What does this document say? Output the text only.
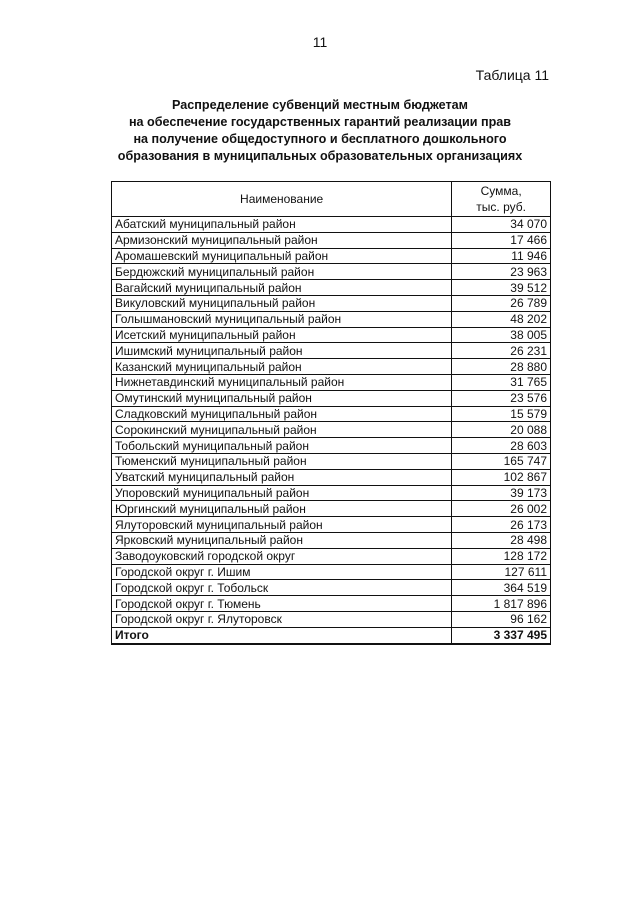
11
Таблица 11
Распределение субвенций местным бюджетам
на обеспечение государственных гарантий реализации прав
на получение общедоступного и бесплатного дошкольного
образования в муниципальных образовательных организациях
Наименование	Сумма,
тыс. руб.
Абатский муниципальный район	34 070
Армизонский муниципальный район	17 466
Аромашевский муниципальный район	11 946
Бердюжский муниципальный район	23 963
Вагайский муниципальный район	39 512
Викуловский муниципальный район	26 789
Голышмановский муниципальный район	48 202
Исетский муниципальный район	38 005
Ишимский муниципальный район	26 231
Казанский муниципальный район	28 880
Нижнетавдинский муниципальный район	31 765
Омутинский муниципальный район	23 576
Сладковский муниципальный район	15 579
Сорокинский муниципальный район	20 088
Тобольский муниципальный район	28 603
Тюменский муниципальный район	165 747
Уватский муниципальный район	102 867
Упоровский муниципальный район	39 173
Юргинский муниципальный район	26 002
Ялуторовский муниципальный район	26 173
Ярковский муниципальный район	28 498
Заводоуковский городской округ	128 172
Городской округ г. Ишим	127 611
Городской округ г. Тобольск	364 519
Городской округ г. Тюмень	1 817 896
Городской округ г. Ялуторовск	96 162
Итого	3 337 495
